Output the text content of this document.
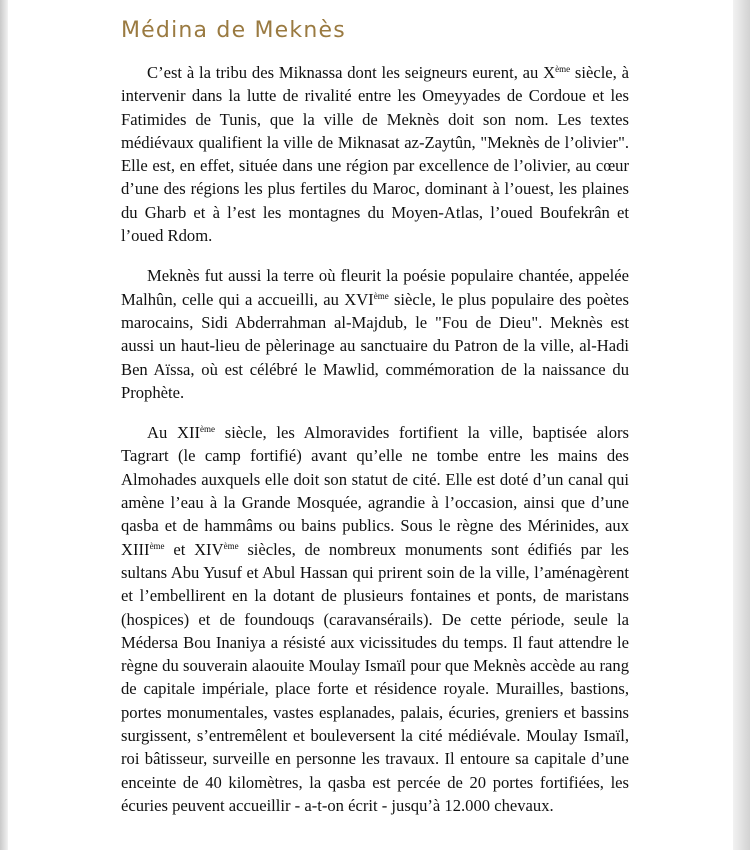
Médina de Meknès

C’est à la tribu des Miknassa dont les seigneurs eurent, au Xème siècle, à intervenir dans la lutte de rivalité entre les Omeyyades de Cordoue et les Fatimides de Tunis, que la ville de Meknès doit son nom. Les textes médiévaux qualifient la ville de Miknasat az-Zaytûn, "Meknès de l’olivier". Elle est, en effet, située dans une région par excellence de l’olivier, au cœur d’une des régions les plus fertiles du Maroc, dominant à l’ouest, les plaines du Gharb et à l’est les montagnes du Moyen-Atlas, l’oued Boufekrân et l’oued Rdom.

Meknès fut aussi la terre où fleurit la poésie populaire chantée, appelée Malhûn, celle qui a accueilli, au XVIème siècle, le plus populaire des poètes marocains, Sidi Abderrahman al-Majdub, le "Fou de Dieu". Meknès est aussi un haut-lieu de pèlerinage au sanctuaire du Patron de la ville, al-Hadi Ben Aïssa, où est célébré le Mawlid, commémoration de la naissance du Prophète.

Au XIIème siècle, les Almoravides fortifient la ville, baptisée alors Tagrart (le camp fortifié) avant qu’elle ne tombe entre les mains des Almohades auxquels elle doit son statut de cité. Elle est doté d’un canal qui amène l’eau à la Grande Mosquée, agrandie à l’occasion, ainsi que d’une qasba et de hammâms ou bains publics. Sous le règne des Mérinides, aux XIIIème et XIVème siècles, de nombreux monuments sont édifiés par les sultans Abu Yusuf et Abul Hassan qui prirent soin de la ville, l’aménagèrent et l’embellirent en la dotant de plusieurs fontaines et ponts, de maristans (hospices) et de foundouqs (caravansérails). De cette période, seule la Médersa Bou Inaniya a résisté aux vicissitudes du temps. Il faut attendre le règne du souverain alaouite Moulay Ismaïl pour que Meknès accède au rang de capitale impériale, place forte et résidence royale. Murailles, bastions, portes monumentales, vastes esplanades, palais, écuries, greniers et bassins surgissent, s’entremêlent et bouleversent la cité médiévale. Moulay Ismaïl, roi bâtisseur, surveille en personne les travaux. Il entoure sa capitale d’une enceinte de 40 kilomètres, la qasba est percée de 20 portes fortifiées, les écuries peuvent accueillir - a-t-on écrit - jusqu’à 12.000 chevaux.
